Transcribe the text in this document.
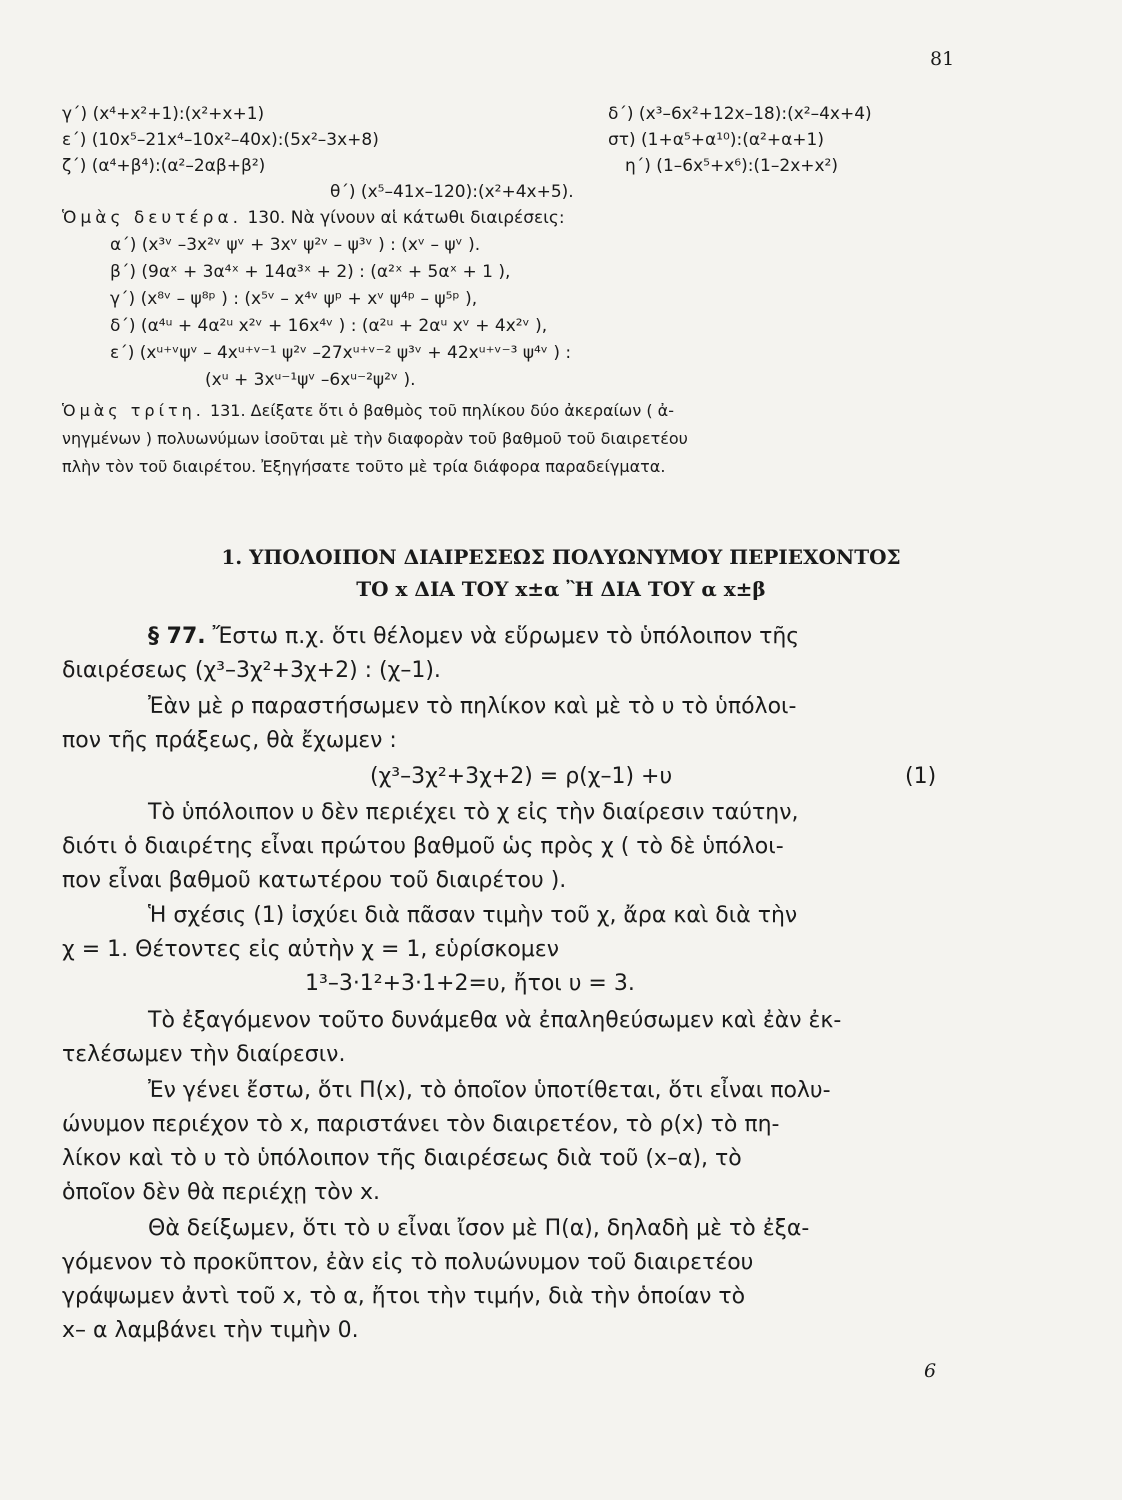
81
γ΄) (x⁴+x²+1):(x²+x+1)	δ΄) (x³–6x²+12x–18):(x²–4x+4)
ε΄) (10x⁵–21x⁴–10x²–40x):(5x²–3x+8)	στ) (1+α⁵+α¹⁰):(α²+α+1)
ζ΄) (α⁴+β⁴):(α²–2αβ+β²)	η΄) (1–6x⁵+x⁶):(1–2x+x²)
θ΄) (x⁵–41x–120):(x²+4x+5).
Ὁμὰς δευτέρα. 130. Νὰ γίνουν αἱ κάτωθι διαιρέσεις:
α΄) (x³ᵛ –3x²ᵛ ψᵛ + 3xᵛ ψ²ᵛ – ψ³ᵛ ) : (xᵛ – ψᵛ ).
β΄) (9αˣ + 3α⁴ˣ + 14α³ˣ + 2) : (α²ˣ + 5αˣ + 1 ),
γ΄) (x⁸ᵛ – ψ⁸ᵖ ) : (x⁵ᵛ – x⁴ᵛ ψᵖ + xᵛ ψ⁴ᵖ – ψ⁵ᵖ ),
δ΄) (α⁴ᵘ + 4α²ᵘ x²ᵛ + 16x⁴ᵛ ) : (α²ᵘ + 2αᵘ xᵛ + 4x²ᵛ ),
ε΄) (xᵘ⁺ᵛψᵛ – 4xᵘ⁺ᵛ⁻¹ ψ²ᵛ –27xᵘ⁺ᵛ⁻² ψ³ᵛ + 42xᵘ⁺ᵛ⁻³ ψ⁴ᵛ ) :
(xᵘ + 3xᵘ⁻¹ψᵛ –6xᵘ⁻²ψ²ᵛ ).
Ὁμὰς τρίτη. 131. Δείξατε ὅτι ὁ βαθμὸς τοῦ πηλίκου δύο ἀκεραίων ( ἀ-
νηγμένων ) πολυωνύμων ἰσοῦται μὲ τὴν διαφορὰν τοῦ βαθμοῦ τοῦ διαιρετέου
πλὴν τὸν τοῦ διαιρέτου. Ἐξηγήσατε τοῦτο μὲ τρία διάφορα παραδείγματα.
1. ΥΠΟΛΟΙΠΟΝ ΔΙΑΙΡΕΣΕΩΣ ΠΟΛΥΩΝΥΜΟΥ ΠΕΡΙΕΧΟΝΤΟΣ
ΤΟ x ΔΙΑ ΤΟΥ x±α Ἢ ΔΙΑ ΤΟΥ α x±β
§ 77. Ἔστω π.χ. ὅτι θέλομεν νὰ εὕρωμεν τὸ ὑπόλοιπον τῆς
διαιρέσεως (χ³–3χ²+3χ+2) : (χ–1).
Ἐὰν μὲ ρ παραστήσωμεν τὸ πηλίκον καὶ μὲ τὸ υ τὸ ὑπόλοι-
πον τῆς πράξεως, θὰ ἔχωμεν :
(χ³–3χ²+3χ+2) = ρ(χ–1) +υ	(1)
Τὸ ὑπόλοιπον υ δὲν περιέχει τὸ χ εἰς τὴν διαίρεσιν ταύτην,
διότι ὁ διαιρέτης εἶναι πρώτου βαθμοῦ ὡς πρὸς χ ( τὸ δὲ ὑπόλοι-
πον εἶναι βαθμοῦ κατωτέρου τοῦ διαιρέτου ).
Ἡ σχέσις (1) ἰσχύει διὰ πᾶσαν τιμὴν τοῦ χ, ἄρα καὶ διὰ τὴν
χ = 1. Θέτοντες εἰς αὐτὴν χ = 1, εὑρίσκομεν
1³–3·1²+3·1+2=υ, ἤτοι υ = 3.
Τὸ ἐξαγόμενον τοῦτο δυνάμεθα νὰ ἐπαληθεύσωμεν καὶ ἐὰν ἐκ-
τελέσωμεν τὴν διαίρεσιν.
Ἐν γένει ἔστω, ὅτι Π(x), τὸ ὁποῖον ὑποτίθεται, ὅτι εἶναι πολυ-
ώνυμον περιέχον τὸ x, παριστάνει τὸν διαιρετέον, τὸ ρ(x) τὸ πη-
λίκον καὶ τὸ υ τὸ ὑπόλοιπον τῆς διαιρέσεως διὰ τοῦ (x–α), τὸ
ὁποῖον δὲν θὰ περιέχῃ τὸν x.
Θὰ δείξωμεν, ὅτι τὸ υ εἶναι ἴσον μὲ Π(α), δηλαδὴ μὲ τὸ ἐξα-
γόμενον τὸ προκῦπτον, ἐὰν εἰς τὸ πολυώνυμον τοῦ διαιρετέου
γράψωμεν ἀντὶ τοῦ x, τὸ α, ἤτοι τὴν τιμήν, διὰ τὴν ὁποίαν τὸ
x– α λαμβάνει τὴν τιμὴν 0.
6
